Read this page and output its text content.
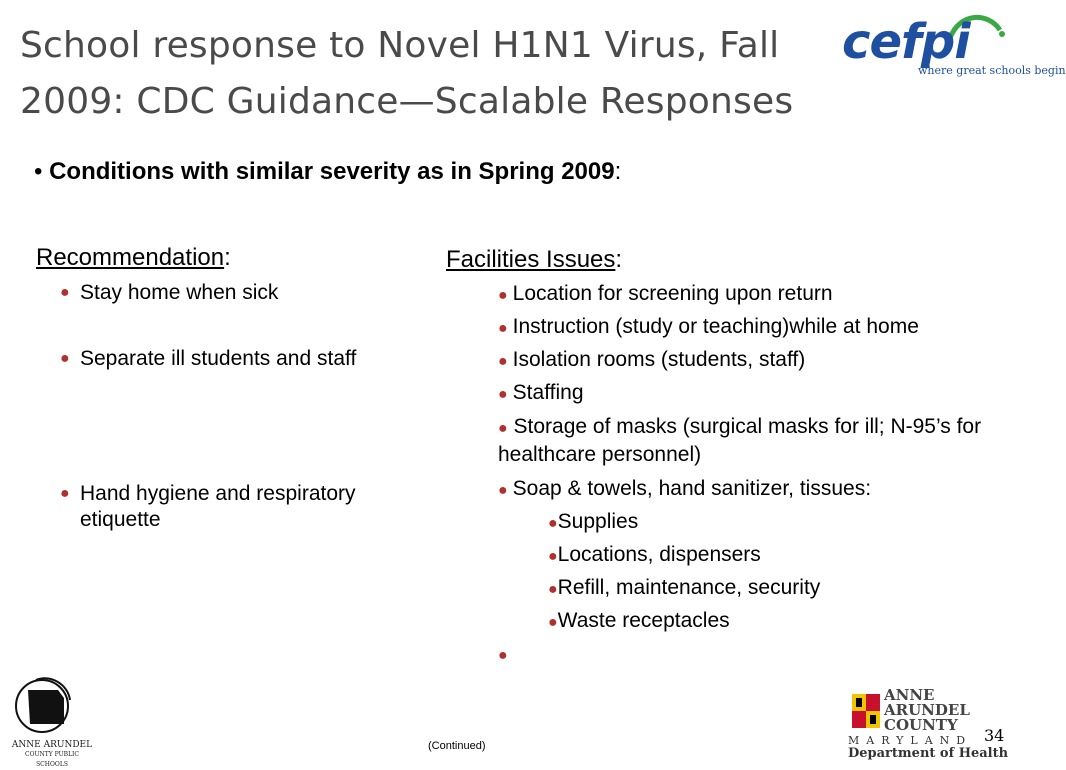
School response to Novel H1N1 Virus, Fall
2009: CDC Guidance—Scalable Responses
cefpi
where great schools begin
• Conditions with similar severity as in Spring 2009:
Recommendation:
● Stay home when sick
● Separate ill students and staff
● Hand hygiene and respiratory etiquette
Facilities Issues:
● Location for screening upon return
● Instruction (study or teaching)while at home
● Isolation rooms (students, staff)
● Staffing
● Storage of masks (surgical masks for ill; N-95’s for healthcare personnel)
● Soap & towels, hand sanitizer, tissues:
●Supplies
●Locations, dispensers
●Refill, maintenance, security
●Waste receptacles
●
ANNE ARUNDEL
COUNTY PUBLIC SCHOOLS
(Continued)
ANNE
ARUNDEL
COUNTY
MARYLAND
Department of Health
34
